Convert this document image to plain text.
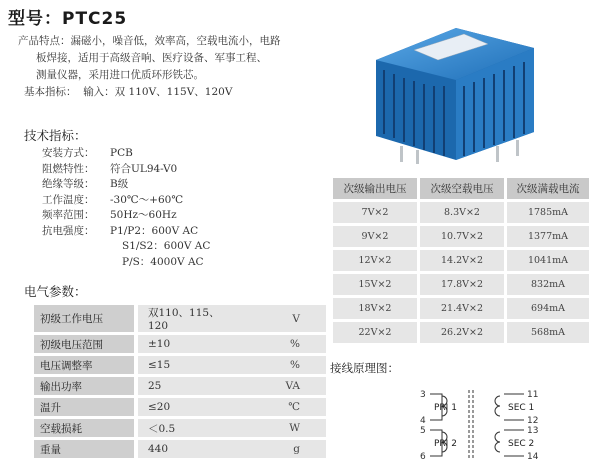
型号：PTC25
产品特点：漏磁小，噪音低，效率高，空载电流小，电路
板焊接，适用于高级音响、医疗设备、军事工程、
测量仪器，采用进口优质环形铁芯。
基本指标： 输入：双 110V、115V、120V
技术指标：
安装方式：	PCB
阻燃特性：	符合UL94-V0
绝缘等级：	B级
工作温度：	-30℃～+60℃
频率范围：	50Hz～60Hz
抗电强度：	P1/P2：600V AC
S1/S2：600V AC
P/S：4000V AC
电气参数：
初级工作电压		双110、115、120	V
初级电压范围		±10	%
电压调整率		≤15	%
输出功率		25	VA
温升		≤20	℃
空载损耗		＜0.5	W
重量		440	g
次级输出电压	次级空载电压	次级满载电流
7V×2	8.3V×2	1785mA
9V×2	10.7V×2	1377mA
12V×2	14.2V×2	1041mA
15V×2	17.8V×2	832mA
18V×2	21.4V×2	694mA
22V×2	26.2V×2	568mA
接线原理图：
3
4
5
6
11
12
13
14
PRI 1
PRI 2
SEC 1
SEC 2
